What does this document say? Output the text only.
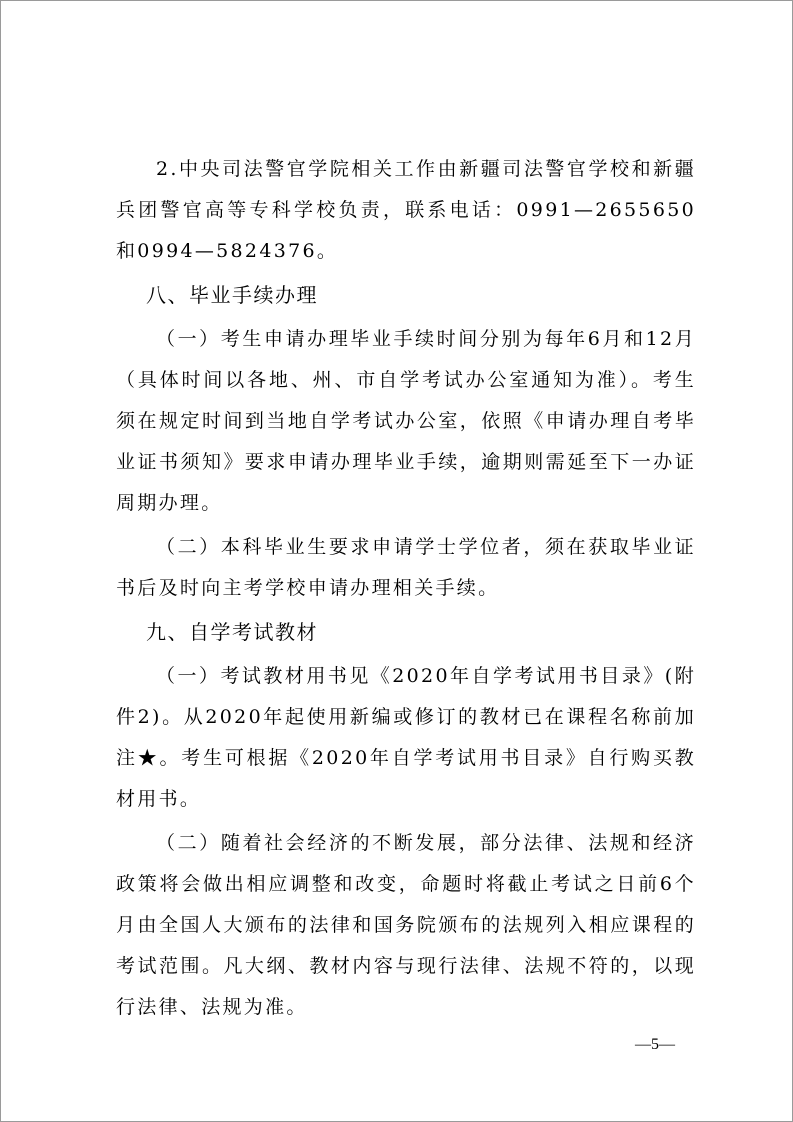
2.中央司法警官学院相关工作由新疆司法警官学校和新疆兵团警官高等专科学校负责，联系电话：0991—2655650和0994—5824376。

八、毕业手续办理

（一）考生申请办理毕业手续时间分别为每年6月和12月（具体时间以各地、州、市自学考试办公室通知为准）。考生须在规定时间到当地自学考试办公室，依照《申请办理自考毕业证书须知》要求申请办理毕业手续，逾期则需延至下一办证周期办理。

（二）本科毕业生要求申请学士学位者，须在获取毕业证书后及时向主考学校申请办理相关手续。

九、自学考试教材

（一）考试教材用书见《2020年自学考试用书目录》(附件2)。从2020年起使用新编或修订的教材已在课程名称前加注★。考生可根据《2020年自学考试用书目录》自行购买教材用书。

（二）随着社会经济的不断发展，部分法律、法规和经济政策将会做出相应调整和改变，命题时将截止考试之日前6个月由全国人大颁布的法律和国务院颁布的法规列入相应课程的考试范围。凡大纲、教材内容与现行法律、法规不符的，以现行法律、法规为准。

—5—
